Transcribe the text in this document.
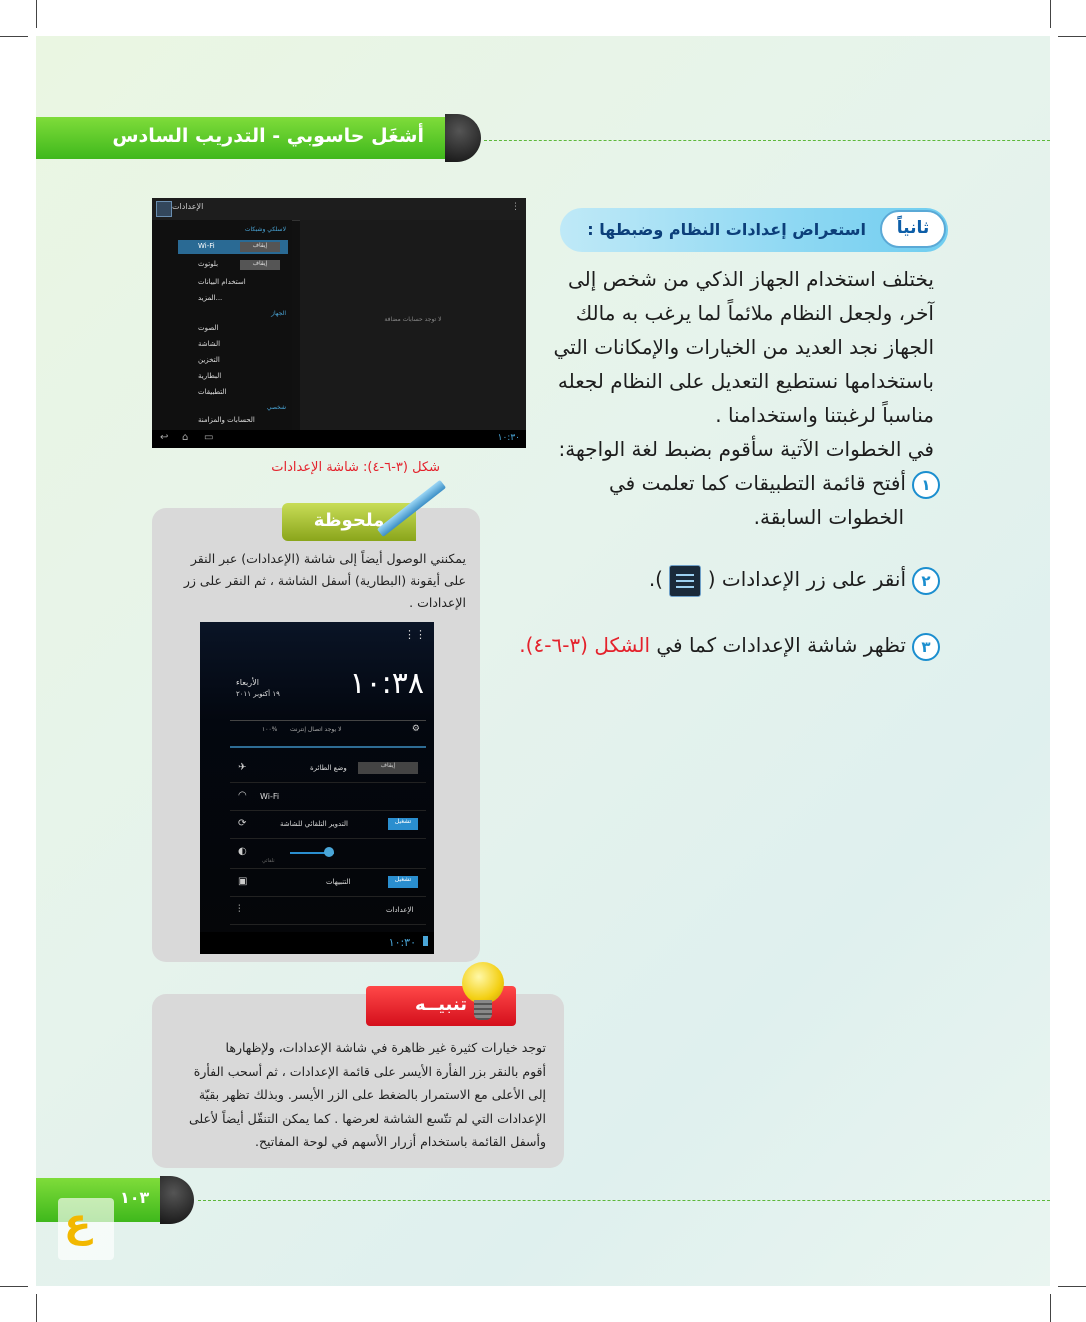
أشغَل حاسوبي - التدريب السادس
ثانياً
استعراض إعدادات النظام وضبطها :
يختلف استخدام الجهاز الذكي من شخص إلى
آخر، ولجعل النظام ملائماً لما يرغب به مالك
الجهاز نجد العديد من الخيارات والإمكانات التي
باستخدامها نستطيع التعديل على النظام لجعله
مناسباً لرغبتنا واستخدامنا .
في الخطوات الآتية سأقوم بضبط لغة الواجهة:
١أفتح قائمة التطبيقات كما تعلمت في
الخطوات السابقة.
٢أنقر على زر الإعدادات (
).
٣تظهر شاشة الإعدادات كما في الشكل (٣-٦-٤).
الإعدادات	⋮
لاسلكي وشبكات
Wi-Fi	إيقاف
بلوتوث	إيقاف
استخدام البيانات
المزيد...
الجهاز
الصوت
الشاشة
التخزين
البطارية
التطبيقات
شخصي
الحسابات والمزامنة
لا توجد حسابات مضافة
↩ ⌂ ▭	١٠:٣٠
شكل (٣-٦-٤): شاشة الإعدادات
ملحوظة
يمكنني الوصول أيضاً إلى شاشة (الإعدادات) عبر النقر
على أيقونة (البطارية) أسفل الشاشة ، ثم النقر على زر
الإعدادات .
⋮⋮
١٠:٣٨
الأربعاء
١٩ أكتوبر ٢٠١١
⚙
لا يوجد اتصال إنترنت
١٠٠%
✈	وضع الطائرة	إيقاف
◠ Wi-Fi
⟳	التدوير التلقائي للشاشة	تشغيل
◐
تلقائي
▣	التنبيهات	تشغيل
⫶	الإعدادات
١٠:٣٠
تنبيــه
توجد خيارات كثيرة غير ظاهرة في شاشة الإعدادات، ولإظهارها
أقوم بالنقر بزر الفأرة الأيسر على قائمة الإعدادات ، ثم أسحب الفأرة
إلى الأعلى مع الاستمرار بالضغط على الزر الأيسر. وبذلك تظهر بقيّة
الإعدادات التي لم تتّسع الشاشة لعرضها . كما يمكن التنقّل أيضاً لأعلى
وأسفل القائمة باستخدام أزرار الأسهم في لوحة المفاتيح.
١٠٣
ع
